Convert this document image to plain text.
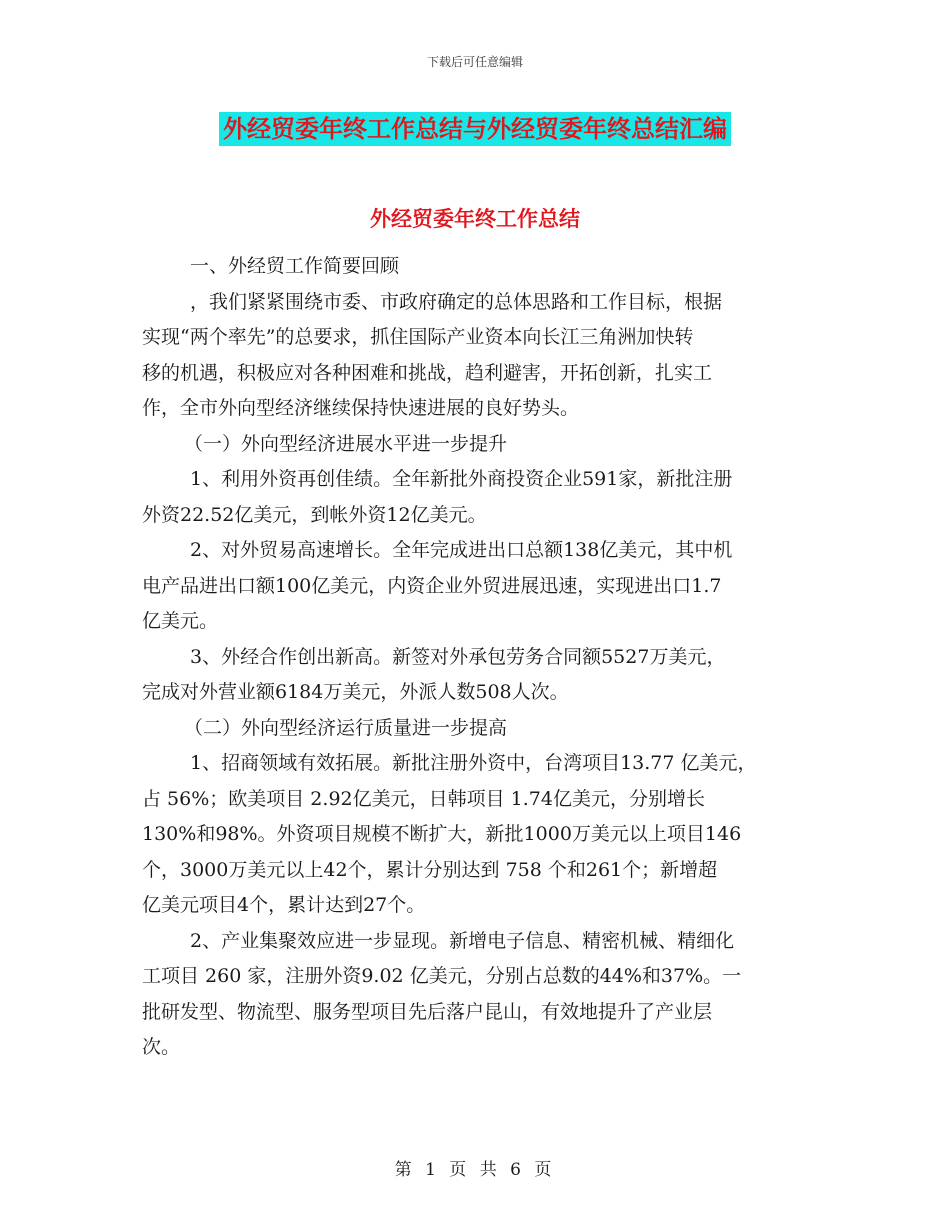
下载后可任意编辑
外经贸委年终工作总结与外经贸委年终总结汇编
外经贸委年终工作总结

一、外经贸工作简要回顾

，我们紧紧围绕市委、市政府确定的总体思路和工作目标，根据

实现“两个率先”的总要求，抓住国际产业资本向长江三角洲加快转

移的机遇，积极应对各种困难和挑战，趋利避害，开拓创新，扎实工

作，全市外向型经济继续保持快速进展的良好势头。

（一）外向型经济进展水平进一步提升

1、利用外资再创佳绩。全年新批外商投资企业591家，新批注册

外资22.52亿美元，到帐外资12亿美元。

2、对外贸易高速增长。全年完成进出口总额138亿美元，其中机

电产品进出口额100亿美元，内资企业外贸进展迅速，实现进出口1.7

亿美元。

3、外经合作创出新高。新签对外承包劳务合同额5527万美元，

完成对外营业额6184万美元，外派人数508人次。

（二）外向型经济运行质量进一步提高

1、招商领域有效拓展。新批注册外资中，台湾项目13.77 亿美元，

占 56%；欧美项目 2.92亿美元，日韩项目 1.74亿美元，分别增长

130%和98%。外资项目规模不断扩大，新批1000万美元以上项目146

个，3000万美元以上42个，累计分别达到 758 个和261个；新增超

亿美元项目4个，累计达到27个。

2、产业集聚效应进一步显现。新增电子信息、精密机械、精细化

工项目 260 家，注册外资9.02 亿美元，分别占总数的44%和37%。一

批研发型、物流型、服务型项目先后落户昆山，有效地提升了产业层

次。

第 1 页 共 6 页
